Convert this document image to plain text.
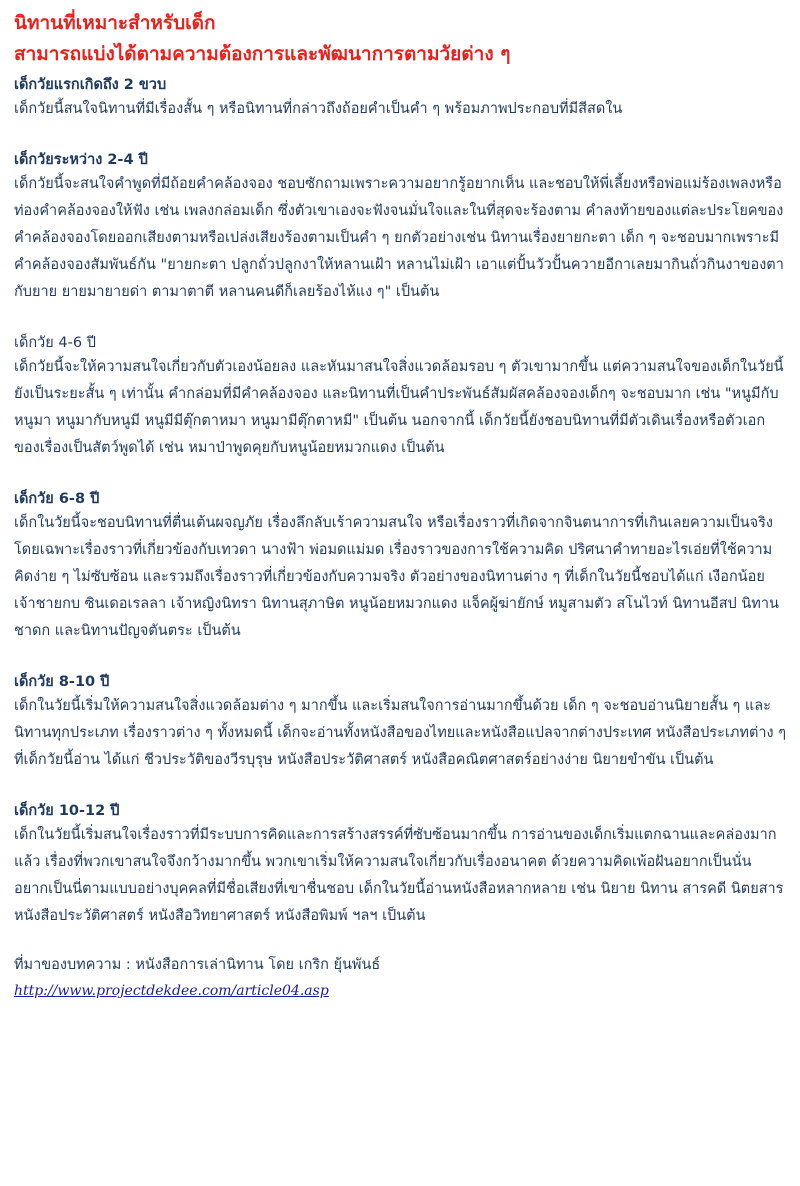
นิทานที่เหมาะสำหรับเด็ก
สามารถแบ่งได้ตามความต้องการและพัฒนาการตามวัยต่าง ๆ
เด็กวัยแรกเกิดถึง 2 ขวบ

เด็กวัยนี้สนใจนิทานที่มีเรื่องสั้น ๆ หรือนิทานที่กล่าวถึงถ้อยคำเป็นคำ ๆ พร้อมภาพประกอบที่มีสีสดใน

เด็กวัยระหว่าง 2-4 ปี

เด็กวัยนี้จะสนใจคำพูดที่มีถ้อยคำคล้องจอง ชอบซักถามเพราะความอยากรู้อยากเห็น และชอบให้พี่เลี้ยงหรือพ่อแม่ร้องเพลงหรือท่องคำคล้องจองให้ฟัง เช่น เพลงกล่อมเด็ก ซึ่งตัวเขาเองจะฟังจนมั่นใจและในที่สุดจะร้องตาม คำลงท้ายของแต่ละประโยคของคำคล้องจองโดยออกเสียงตามหรือเปล่งเสียงร้องตามเป็นคำ ๆ ยกตัวอย่างเช่น นิทานเรื่องยายกะตา เด็ก ๆ จะชอบมากเพราะมีคำคล้องจองสัมพันธ์กัน "ยายกะตา ปลูกถั่วปลูกงาให้หลานเฝ้า หลานไม่เฝ้า เอาแต่ปั้นวัวปั้นควายอีกาเลยมากินถั่วกินงาของตากับยาย ยายมายายด่า ตามาตาตี หลานคนดีก็เลยร้องไห้แง ๆ" เป็นต้น

เด็กวัย 4-6 ปี

เด็กวัยนี้จะให้ความสนใจเกี่ยวกับตัวเองน้อยลง และหันมาสนใจสิ่งแวดล้อมรอบ ๆ ตัวเขามากขึ้น แต่ความสนใจของเด็กในวัยนี้ยังเป็นระยะสั้น ๆ เท่านั้น คำกล่อมที่มีคำคล้องจอง และนิทานที่เป็นคำประพันธ์สัมผัสคล้องจองเด็กๆ จะชอบมาก เช่น "หนูมีกับหนูมา หนูมากับหนูมี หนูมีมีตุ๊กตาหมา หนูมามีตุ๊กตาหมี" เป็นต้น นอกจากนี้ เด็กวัยนี้ยังชอบนิทานที่มีตัวเดินเรื่องหรือตัวเอกของเรื่องเป็นสัตว์พูดได้ เช่น หมาป่าพูดคุยกับหนูน้อยหมวกแดง เป็นต้น

เด็กวัย 6-8 ปี

เด็กในวัยนี้จะชอบนิทานที่ตื่นเต้นผจญภัย เรื่องลึกลับเร้าความสนใจ หรือเรื่องราวที่เกิดจากจินตนาการที่เกินเลยความเป็นจริง โดยเฉพาะเรื่องราวที่เกี่ยวข้องกับเทวดา นางฟ้า พ่อมดแม่มด เรื่องราวของการใช้ความคิด ปริศนาคำทายอะไรเอ่ยที่ใช้ความคิดง่าย ๆ ไม่ซับซ้อน และรวมถึงเรื่องราวที่เกี่ยวข้องกับความจริง ตัวอย่างของนิทานต่าง ๆ ที่เด็กในวัยนี้ชอบได้แก่ เงือกน้อย เจ้าชายกบ ซินเดอเรลลา เจ้าหญิงนิทรา นิทานสุภาษิต หนูน้อยหมวกแดง แจ็คผู้ฆ่ายักษ์ หมูสามตัว สโนไวท์ นิทานอีสป นิทานชาดก และนิทานปัญจตันตระ เป็นต้น

เด็กวัย 8-10 ปี

เด็กในวัยนี้เริ่มให้ความสนใจสิ่งแวดล้อมต่าง ๆ มากขึ้น และเริ่มสนใจการอ่านมากขึ้นด้วย เด็ก ๆ จะชอบอ่านนิยายสั้น ๆ และนิทานทุกประเภท เรื่องราวต่าง ๆ ทั้งหมดนี้ เด็กจะอ่านทั้งหนังสือของไทยและหนังสือแปลจากต่างประเทศ หนังสือประเภทต่าง ๆ ที่เด็กวัยนี้อ่าน ได้แก่ ชีวประวัติของวีรบุรุษ หนังสือประวัติศาสตร์ หนังสือคณิตศาสตร์อย่างง่าย นิยายขำขัน เป็นต้น

เด็กวัย 10-12 ปี

เด็กในวัยนี้เริ่มสนใจเรื่องราวที่มีระบบการคิดและการสร้างสรรค์ที่ซับซ้อนมากขึ้น การอ่านของเด็กเริ่มแตกฉานและคล่องมากแล้ว เรื่องที่พวกเขาสนใจจึงกว้างมากขึ้น พวกเขาเริ่มให้ความสนใจเกี่ยวกับเรื่องอนาคต ด้วยความคิดเพ้อฝันอยากเป็นนั่น อยากเป็นนี่ตามแบบอย่างบุคคลที่มีชื่อเสียงที่เขาชื่นชอบ เด็กในวัยนี้อ่านหนังสือหลากหลาย เช่น นิยาย นิทาน สารคดี นิตยสาร หนังสือประวัติศาสตร์ หนังสือวิทยาศาสตร์ หนังสือพิมพ์ ฯลฯ เป็นต้น

ที่มาของบทความ : หนังสือการเล่านิทาน โดย เกริก ยุ้นพันธ์

http://www.projectdekdee.com/article04.asp
